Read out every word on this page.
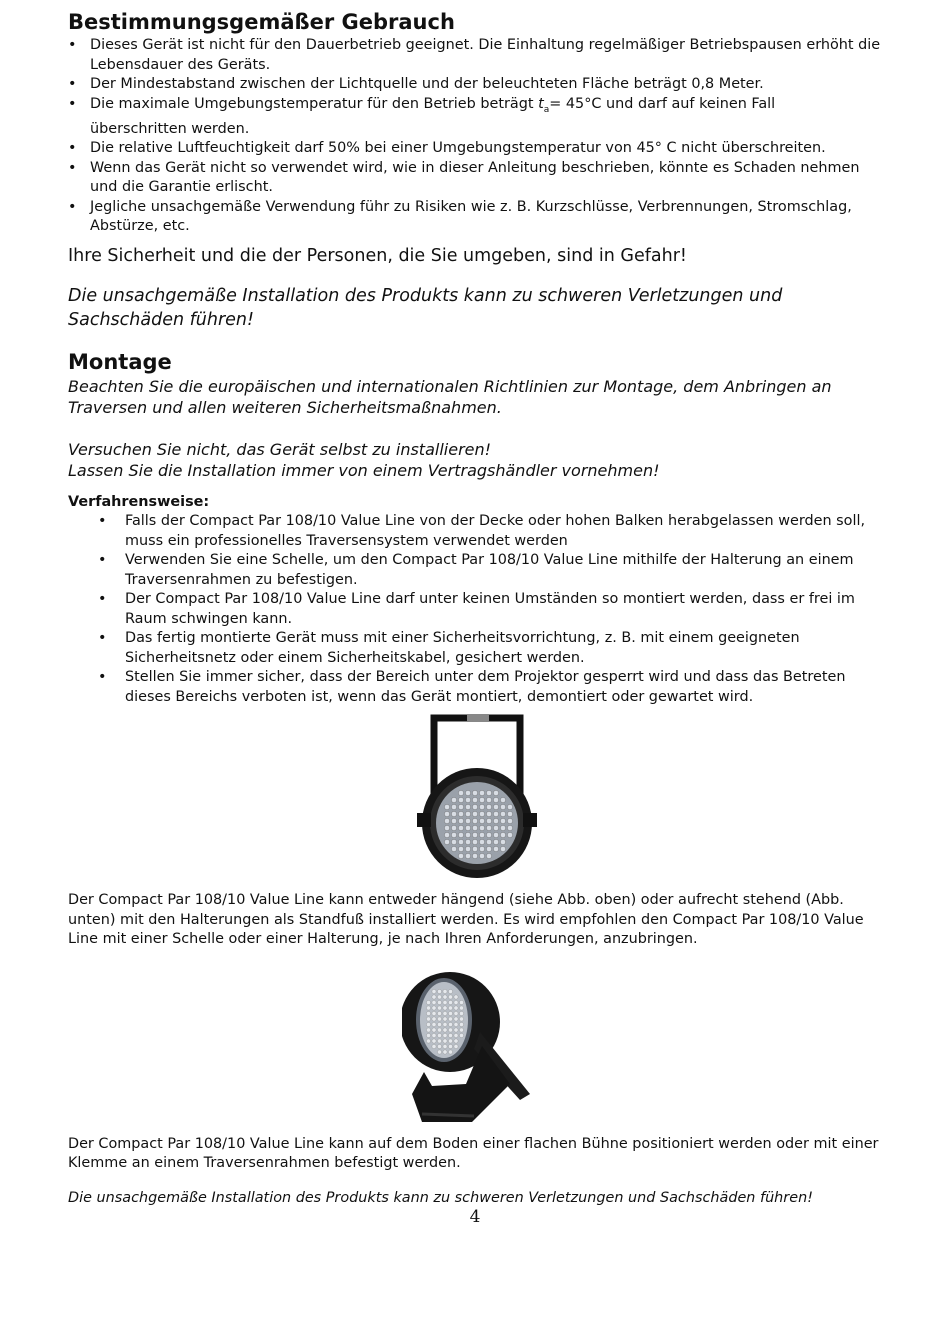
Bestimmungsgemäßer Gebrauch
• Dieses Gerät ist nicht für den Dauerbetrieb geeignet. Die Einhaltung regelmäßiger Betriebspausen erhöht die Lebensdauer des Geräts.
• Der Mindestabstand zwischen der Lichtquelle und der beleuchteten Fläche beträgt 0,8 Meter.
• Die maximale Umgebungstemperatur für den Betrieb beträgt $t_a= 45^\circ C$ und darf auf keinen Fall
überschritten werden.
• Die relative Luftfeuchtigkeit darf 50% bei einer Umgebungstemperatur von 45° C nicht überschreiten.
• Wenn das Gerät nicht so verwendet wird, wie in dieser Anleitung beschrieben, könnte es Schaden nehmen und die Garantie erlischt.
• Jegliche unsachgemäße Verwendung führ zu Risiken wie z. B. Kurzschlüsse, Verbrennungen, Stromschlag, Abstürze, etc.

Ihre Sicherheit und die der Personen, die Sie umgeben, sind in Gefahr!

Die unsachgemäße Installation des Produkts kann zu schweren Verletzungen und Sachschäden führen!

Montage

Beachten Sie die europäischen und internationalen Richtlinien zur Montage, dem Anbringen an Traversen und allen weiteren Sicherheitsmaßnahmen.

Versuchen Sie nicht, das Gerät selbst zu installieren!

Lassen Sie die Installation immer von einem Vertragshändler vornehmen!

Verfahrensweise:

• Falls der Compact Par 108/10 Value Line von der Decke oder hohen Balken herabgelassen werden soll, muss ein professionelles Traversensystem verwendet werden
• Verwenden Sie eine Schelle, um den Compact Par 108/10 Value Line mithilfe der Halterung an einem Traversenrahmen zu befestigen.
• Der Compact Par 108/10 Value Line darf unter keinen Umständen so montiert werden, dass er frei im Raum schwingen kann.
• Das fertig montierte Gerät muss mit einer Sicherheitsvorrichtung, z. B. mit einem geeigneten Sicherheitsnetz oder einem Sicherheitskabel, gesichert werden.
• Stellen Sie immer sicher, dass der Bereich unter dem Projektor gesperrt wird und dass das Betreten dieses Bereichs verboten ist, wenn das Gerät montiert, demontiert oder gewartet wird.

Der Compact Par 108/10 Value Line kann entweder hängend (siehe Abb. oben) oder aufrecht stehend (Abb. unten) mit den Halterungen als Standfuß installiert werden. Es wird empfohlen den Compact Par 108/10 Value Line mit einer Schelle oder einer Halterung, je nach Ihren Anforderungen, anzubringen.

Der Compact Par 108/10 Value Line kann auf dem Boden einer flachen Bühne positioniert werden oder mit einer Klemme an einem Traversenrahmen befestigt werden.

Die unsachgemäße Installation des Produkts kann zu schweren Verletzungen und Sachschäden führen!

4
